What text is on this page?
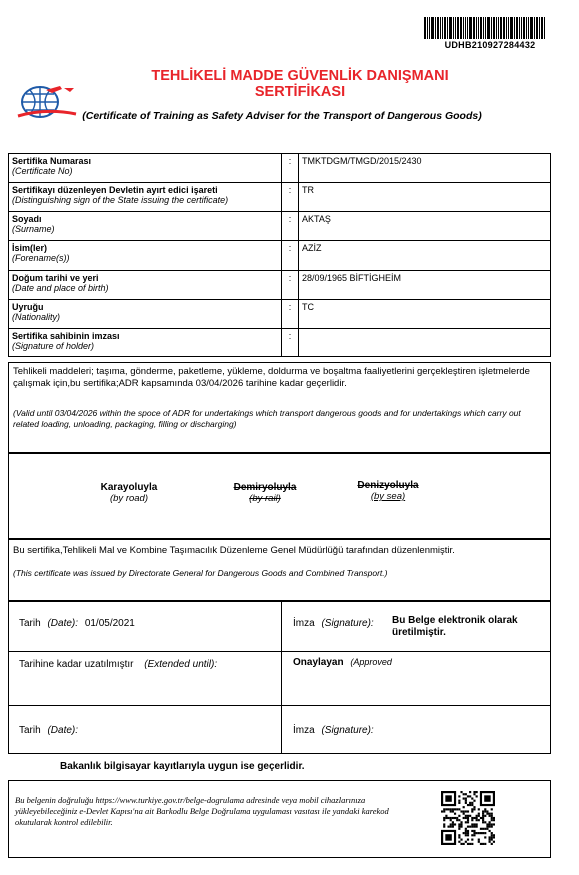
UDHB210927284432
TEHLİKELİ MADDE GÜVENLİK DANIŞMANI
SERTİFİKASI
(Certificate of Training as Safety Adviser for the Transport of Dangerous Goods)
Sertifika Numarası
(Certificate No)	:	TMKTDGM/TMGD/2015/2430

Sertifikayı düzenleyen Devletin ayırt edici işareti
(Distinguishing sign of the State issuing the certificate)	:	TR

Soyadı
(Surname)	:	AKTAŞ

İsim(ler)
(Forename(s))	:	AZİZ

Doğum tarihi ve yeri
(Date and place of birth)	:	28/09/1965 BİFTİGHEİM

Uyruğu
(Nationality)	:	TC

Sertifika sahibinin imzası
(Signature of holder)	:	
Tehlikeli maddeleri; taşıma, gönderme, paketleme, yükleme, doldurma ve boşaltma faaliyetlerini gerçekleştiren işletmelerde çalışmak için,bu sertifika;ADR kapsamında 03/04/2026 tarihine kadar geçerlidir.
(Valid until 03/04/2026 within the spoce of ADR for undertakings which transport dangerous goods and for undertakings which carry out related loading, unloading, packaging, filling or discharging)
Karayoluyla
(by road)
Demiryoluyla
(by rail)
Denizyoluyla
(by sea)
Bu sertifika,Tehlikeli Mal ve Kombine Taşımacılık Düzenleme Genel Müdürlüğü tarafından düzenlenmiştir.
(This certificate was issued by Directorate General for Dangerous Goods and Combined Transport.)
Tarih (Date): 01/05/2021	İmza (Signature): Bu Belge elektronik olarak üretilmiştir.
Tarihine kadar uzatılmıştır (Extended until):	Onaylayan (Approved
Tarih (Date):	İmza (Signature):
Bakanlık bilgisayar kayıtlarıyla uygun ise geçerlidir.
Bu belgenin doğruluğu https://www.turkiye.gov.tr/belge-dogrulama adresinde veya mobil cihazlarınıza yükleyebileceğiniz e-Devlet Kapısı'na ait Barkodlu Belge Doğrulama uygulaması vasıtası ile yandaki karekod okutularak kontrol edilebilir.
